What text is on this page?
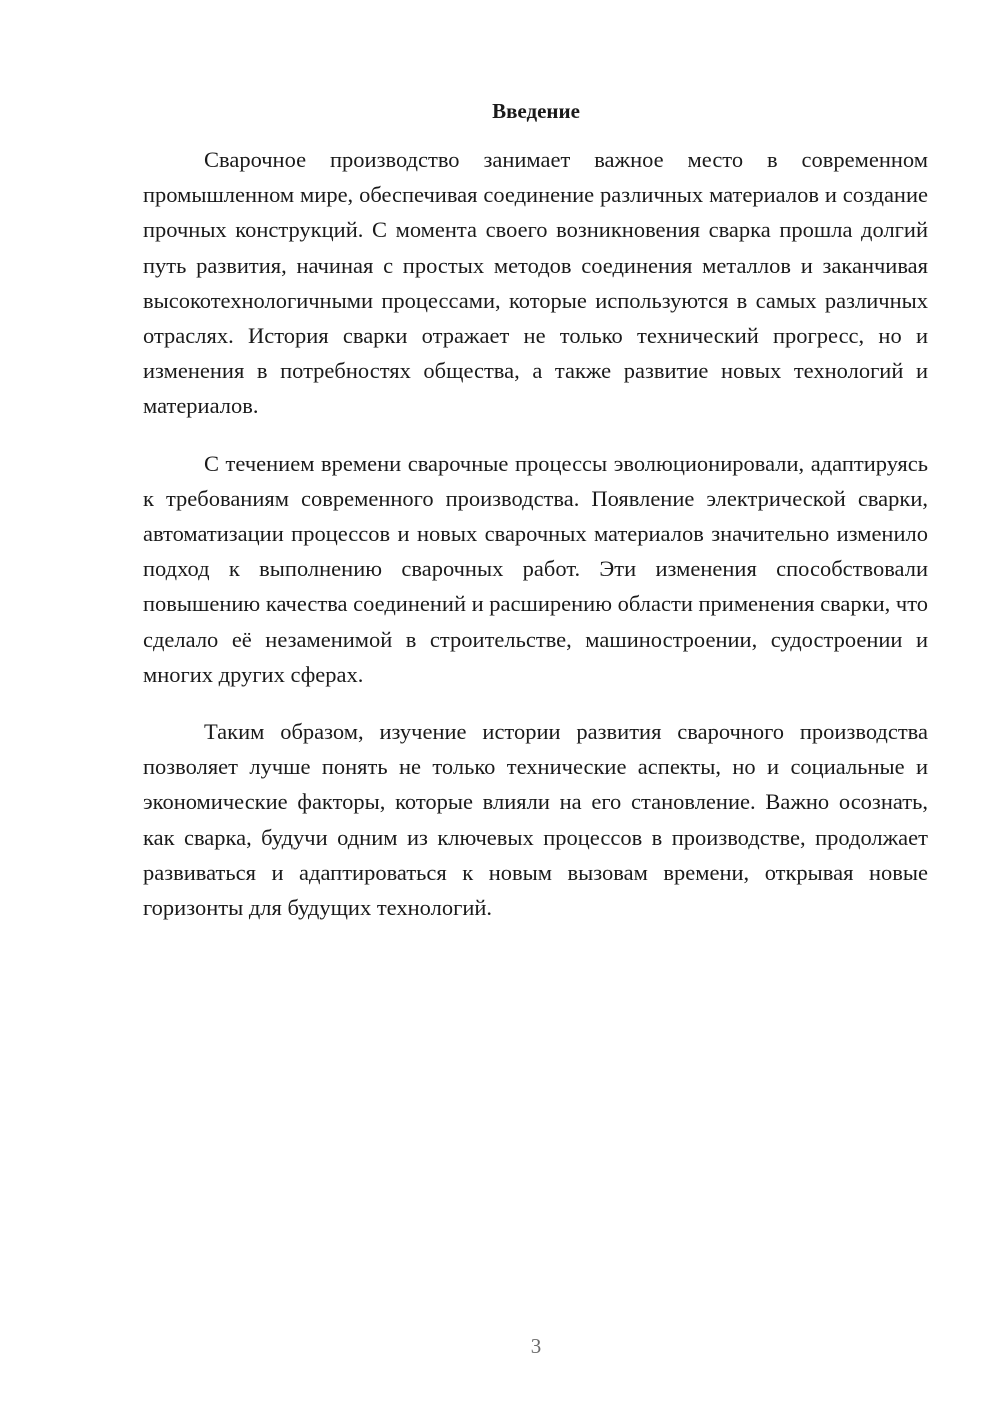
Введение

Сварочное производство занимает важное место в современном промышленном мире, обеспечивая соединение различных материалов и создание прочных конструкций. С момента своего возникновения сварка прошла долгий путь развития, начиная с простых методов соединения металлов и заканчивая высокотехнологичными процессами, которые используются в самых различных отраслях. История сварки отражает не только технический прогресс, но и изменения в потребностях общества, а также развитие новых технологий и материалов.

С течением времени сварочные процессы эволюционировали, адаптируясь к требованиям современного производства. Появление электрической сварки, автоматизации процессов и новых сварочных материалов значительно изменило подход к выполнению сварочных работ. Эти изменения способствовали повышению качества соединений и расширению области применения сварки, что сделало её незаменимой в строительстве, машиностроении, судостроении и многих других сферах.

Таким образом, изучение истории развития сварочного производства позволяет лучше понять не только технические аспекты, но и социальные и экономические факторы, которые влияли на его становление. Важно осознать, как сварка, будучи одним из ключевых процессов в производстве, продолжает развиваться и адаптироваться к новым вызовам времени, открывая новые горизонты для будущих технологий.

3
